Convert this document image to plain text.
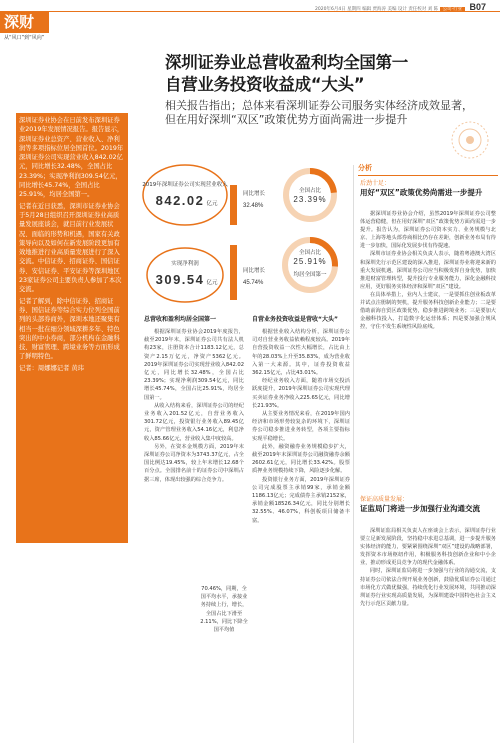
2020年6月4日 星期四 编辑 贾海涛 美编 设计 责任校对 刘 陈 公司·行业 B07
深财
从“风口”到“风向”
深圳证券业总营收盈利均全国第一
自营业务投资收益成“大头”
相关报告指出；总体来看深圳证券公司服务实体经济成效显著，
但在用好深圳“双区”政策优势方面尚需进一步提升

深圳证券业协会在日前发布深圳证券业2019年发展情况报告。报告显示，深圳证券业总资产、营业收入、净利润等多项指标位居全国首位。2019年深圳证券公司实现营业收入842.02亿元，同比增长32.48%，全国占比23.39%；实现净利润309.54亿元，同比增长45.74%，全国占比25.91%，均居全国第一。

记者在近日获悉，深圳市证券业协会于5月28日组织召开深圳证券业高质量发展座谈会，就目前行业发展状况、面临的形势和机遇，国家有关政策导向以及如何在新发展阶段更加有效地推进行业高质量发展进行了深入交流。中信证券、招商证券、国信证券、安信证券、平安证券等深圳地区23家证券公司主要负责人参加了本次交流。

记者了解到，除中信证券、招商证券、国信证券等综合实力位列全国前列的头部券商外，深圳本地还聚集有相当一批在细分领域深耕多年、特色突出的中小券商，部分机构在金融科技、财富管理、跨境业务等方面形成了鲜明特色。

记者：周娜娜记者 黄玮

2019年深圳证券公司实现营业收入
842.02 亿元
同比增长
32.48%
全国占比
23.39%
实现净利润
309.54 亿元
同比增长
45.74%
全国占比
25.91%
均居全国第一
总营收和盈利均居全国第一

根据深圳证券业协会2019年度报告，截至2019年末，深圳证券公司共有法人机构23家，注册资本合计1183.12亿元，总资产2.15万亿元，净资产5362亿元。2019年深圳证券公司实现营业收入842.02亿元，同比增长32.48%，全国占比23.39%；实现净利润309.54亿元，同比增长45.74%，全国占比25.91%，均居全国第一。

从收入结构来看，深圳证券公司的经纪业务收入201.52亿元，自营业务收入301.72亿元，投资银行业务收入89.45亿元，资产管理业务收入54.16亿元，利息净收入85.66亿元，营业收入集中度较高。

另外，在资本金规模方面，2019年末深圳证券公司净资本为3743.37亿元，占全国比例达19.45%，较上年末增长12.68个百分点。全国排名前十的证券公司中深圳占据三席，体现出较强的综合竞争力。

70.46%，同期，全国平均水平，承接业务持续上行，增长，全国占比下滑至2.11%，同比下降全国平均值
自营业务投资收益是营收“大头”

根据营业收入结构分析，深圳证券公司对自营业务收益依赖程度较高。2019年自营投资收益一次性大幅增长，占比由上年的28.03%上升至35.83%，成为营业收入第一大来源。其中，证券投资收益362.15亿元，占比43.01%。

经纪业务收入方面，随着市场交投活跃度提升，2019年深圳证券公司实现代理买卖证券业务净收入225.65亿元，同比增长21.93%。

从主要业务情况来看，在2019年国内经济和市场形势较复杂的环境下，深圳证券公司稳步推进业务转型，各项主要指标实现平稳增长。

此外，融资融券业务规模稳步扩大，截至2019年末深圳证券公司融资融券余额2602.61亿元，同比增长33.42%。股票质押业务规模持续下降，风险逐步化解。

投资银行业务方面，2019年深圳证券公司完成股票主承销99家，承销金额1186.13亿元；完成债券主承销2152家，承销金额18526.34亿元，同比分别增长32.55%、46.07%，科创板项目储备丰富。

分析
后劲十足：
用好“双区”政策优势尚需进一步提升

据深圳证券业协会介绍，虽然2019年深圳证券公司整体运营稳健，但在用好深圳“双区”政策优势方面尚需进一步提升。报告认为，深圳证券公司资本实力、业务规模与北京、上海等地头部券商相比仍存在差距，创新业务布局有待进一步加快，国际化发展步伐有待提速。

深圳市证券业协会相关负责人表示，随着粤港澳大湾区和深圳先行示范区建设的深入推进，深圳证券业将迎来新的重大发展机遇。深圳证券公司应当积极发挥自身优势，加快推进财富管理转型，提升投行专业服务能力，深化金融科技应用，更好服务实体经济和深圳“双区”建设。

在具体举措上，业内人士建议，一是要抓住创业板改革并试点注册制的契机，提升服务科技创新企业能力；二是要借助前海自贸区政策优势，稳步推进跨境业务；三是要加大金融科技投入，打造数字化运营体系；四是要加强合规风控，守住不发生系统性风险底线。

保证高质量发展：
证监局门将进一步加强行业沟通交流

深圳证监局相关负责人在座谈会上表示，深圳证券行业要立足新发展阶段，坚持稳中求进总基调，进一步提升服务实体经济的能力，要紧紧围绕深圳“双区”建设的战略部署，发挥资本市场枢纽作用，积极服务科技创新企业和中小企业，推动形成更具竞争力的现代金融体系。

同时，深圳证监局将进一步加强与行业的沟通交流，支持证券公司依法合规开展业务创新，鼓励优质证券公司通过市场化方式做优做强，持续优化行业发展环境，共同推动深圳证券行业实现高质量发展，为深圳建设中国特色社会主义先行示范区贡献力量。
